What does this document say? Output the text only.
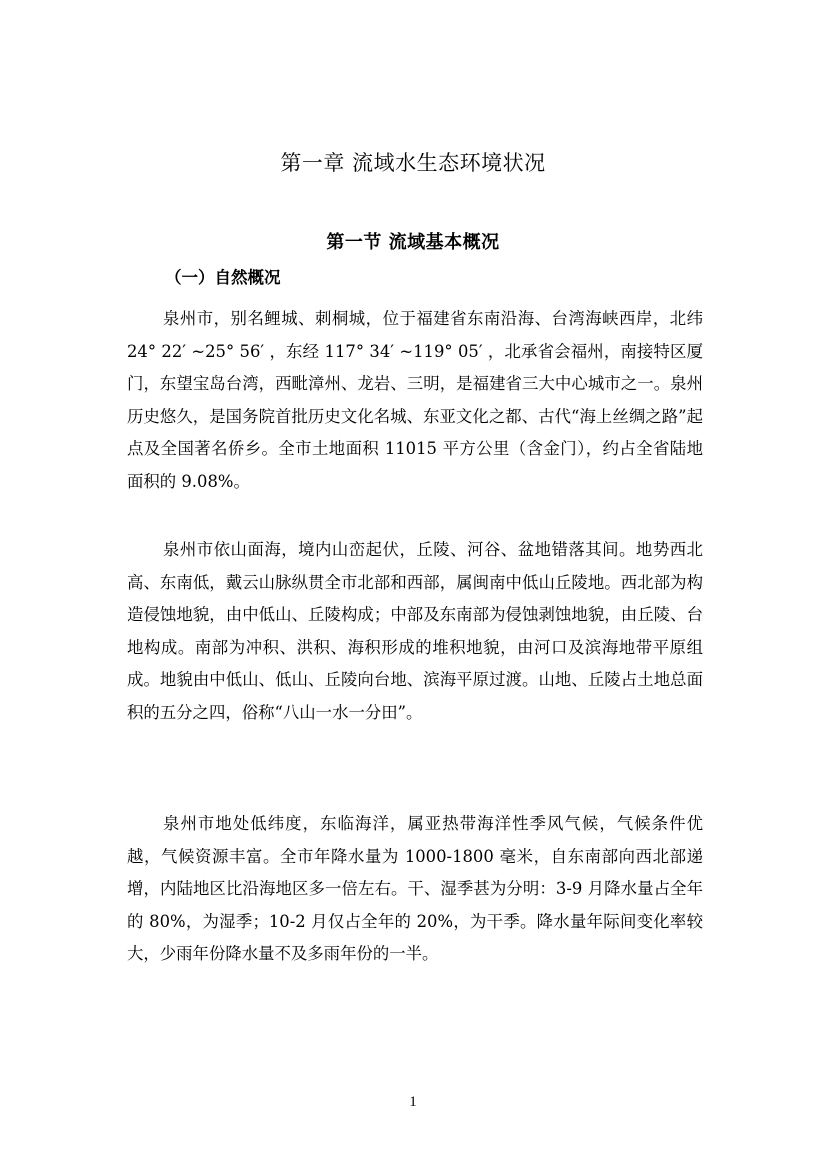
第一章 流域水生态环境状况
第一节 流域基本概况
（一）自然概况

泉州市，别名鲤城、刺桐城，位于福建省东南沿海、台湾海峡西岸，北纬 24° 22′ ~25° 56′ ，东经 117° 34′ ~119° 05′ ，北承省会福州，南接特区厦门，东望宝岛台湾，西毗漳州、龙岩、三明，是福建省三大中心城市之一。泉州历史悠久，是国务院首批历史文化名城、东亚文化之都、古代“海上丝绸之路”起点及全国著名侨乡。全市土地面积 11015 平方公里（含金门），约占全省陆地面积的 9.08%。

泉州市依山面海，境内山峦起伏，丘陵、河谷、盆地错落其间。地势西北高、东南低，戴云山脉纵贯全市北部和西部，属闽南中低山丘陵地。西北部为构造侵蚀地貌，由中低山、丘陵构成；中部及东南部为侵蚀剥蚀地貌，由丘陵、台地构成。南部为冲积、洪积、海积形成的堆积地貌，由河口及滨海地带平原组成。地貌由中低山、低山、丘陵向台地、滨海平原过渡。山地、丘陵占土地总面积的五分之四，俗称“八山一水一分田”。

泉州市地处低纬度，东临海洋，属亚热带海洋性季风气候，气候条件优越，气候资源丰富。全市年降水量为 1000-1800 毫米，自东南部向西北部递增，内陆地区比沿海地区多一倍左右。干、湿季甚为分明：3-9 月降水量占全年的 80%，为湿季；10-2 月仅占全年的 20%，为干季。降水量年际间变化率较大，少雨年份降水量不及多雨年份的一半。

1
